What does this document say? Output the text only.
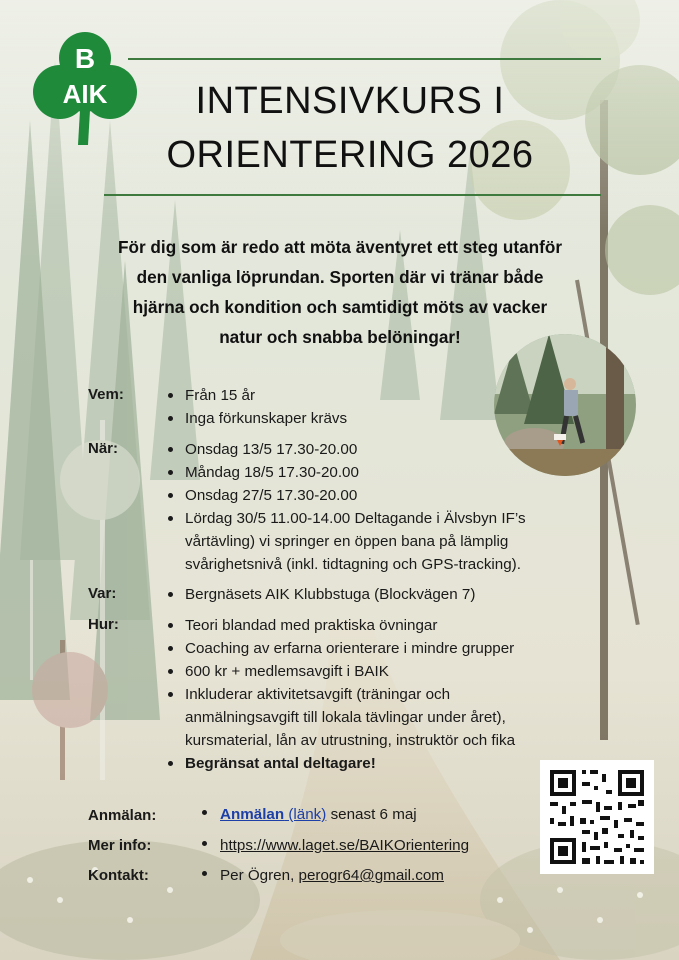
B
AIK	INTENSIVKURS I
ORIENTERING 2026
För dig som är redo att möta äventyret ett steg utanför
den vanliga löprundan. Sporten där vi tränar både
hjärna och kondition och samtidigt möts av vacker
natur och snabba belöningar!
Vem:	Från 15 år
Inga förkunskaper krävs
När:	Onsdag 13/5 17.30-20.00
Måndag 18/5 17.30-20.00
Onsdag 27/5 17.30-20.00
Lördag 30/5 11.00-14.00 Deltagande i Älvsbyn IF’s
vårtävling) vi springer en öppen bana på lämplig
svårighetsnivå (inkl. tidtagning och GPS-tracking).
Var:	Bergnäsets AIK Klubbstuga (Blockvägen 7)
Hur:	Teori blandad med praktiska övningar
Coaching av erfarna orienterare i mindre grupper
600 kr + medlemsavgift i BAIK
Inkluderar aktivitetsavgift (träningar och
anmälningsavgift till lokala tävlingar under året),
kursmaterial, lån av utrustning, instruktör och fika
Begränsat antal deltagare!
Anmälan:	Anmälan (länk) senast 6 maj
Mer info:	https://www.laget.se/BAIKOrientering
Kontakt:	Per Ögren, perogr64@gmail.com
